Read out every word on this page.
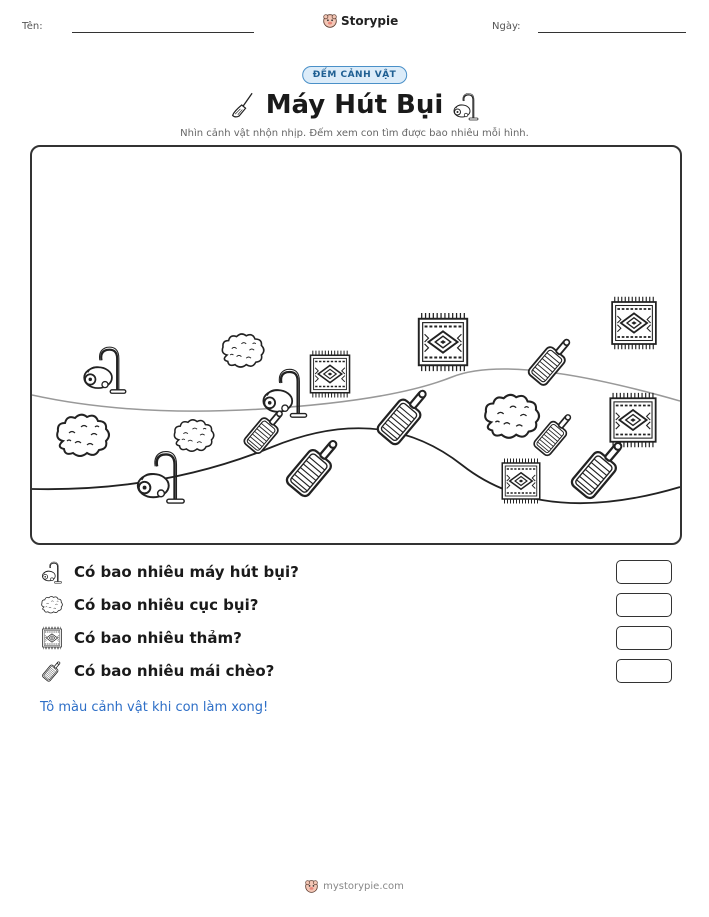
Tên:	Storypie	Ngày:
ĐẾM CẢNH VẬT
Máy Hút Bụi
Nhìn cảnh vật nhộn nhịp. Đếm xem con tìm được bao nhiêu mỗi hình.
Có bao nhiêu máy hút bụi?
Có bao nhiêu cục bụi?
Có bao nhiêu thảm?
Có bao nhiêu mái chèo?
Tô màu cảnh vật khi con làm xong!
mystorypie.com
